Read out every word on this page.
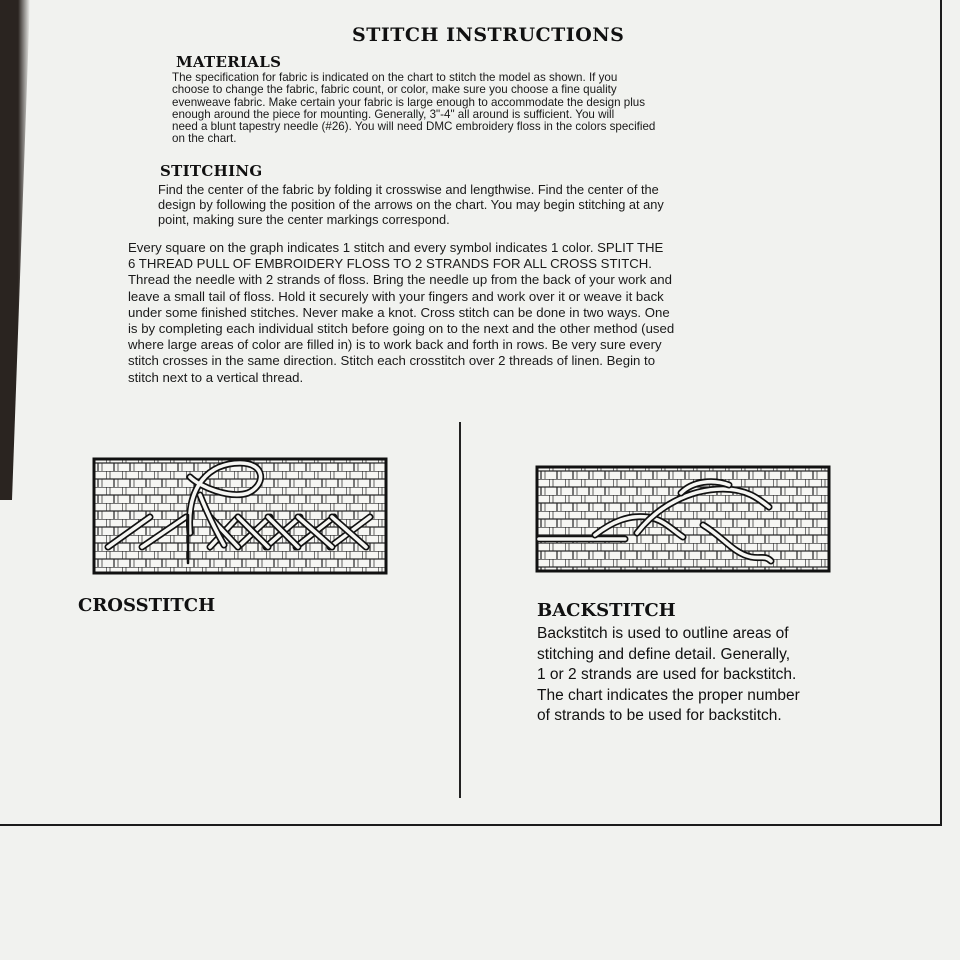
STITCH INSTRUCTIONS
MATERIALS

The specification for fabric is indicated on the chart to stitch the model as shown. If you

choose to change the fabric, fabric count, or color, make sure you choose a fine quality

evenweave fabric. Make certain your fabric is large enough to accommodate the design plus

enough around the piece for mounting. Generally, 3"-4" all around is sufficient. You will

need a blunt tapestry needle (#26). You will need DMC embroidery floss in the colors specified

on the chart.

STITCHING

Find the center of the fabric by folding it crosswise and lengthwise. Find the center of the

design by following the position of the arrows on the chart. You may begin stitching at any

point, making sure the center markings correspond.

Every square on the graph indicates 1 stitch and every symbol indicates 1 color. SPLIT THE

6 THREAD PULL OF EMBROIDERY FLOSS TO 2 STRANDS FOR ALL CROSS STITCH.

Thread the needle with 2 strands of floss. Bring the needle up from the back of your work and

leave a small tail of floss. Hold it securely with your fingers and work over it or weave it back

under some finished stitches. Never make a knot. Cross stitch can be done in two ways. One

is by completing each individual stitch before going on to the next and the other method (used

where large areas of color are filled in) is to work back and forth in rows. Be very sure every

stitch crosses in the same direction. Stitch each crosstitch over 2 threads of linen. Begin to

stitch next to a vertical thread.

CROSSTITCH	BACKSTITCH

Backstitch is used to outline areas of

stitching and define detail. Generally,

1 or 2 strands are used for backstitch.

The chart indicates the proper number

of strands to be used for backstitch.
